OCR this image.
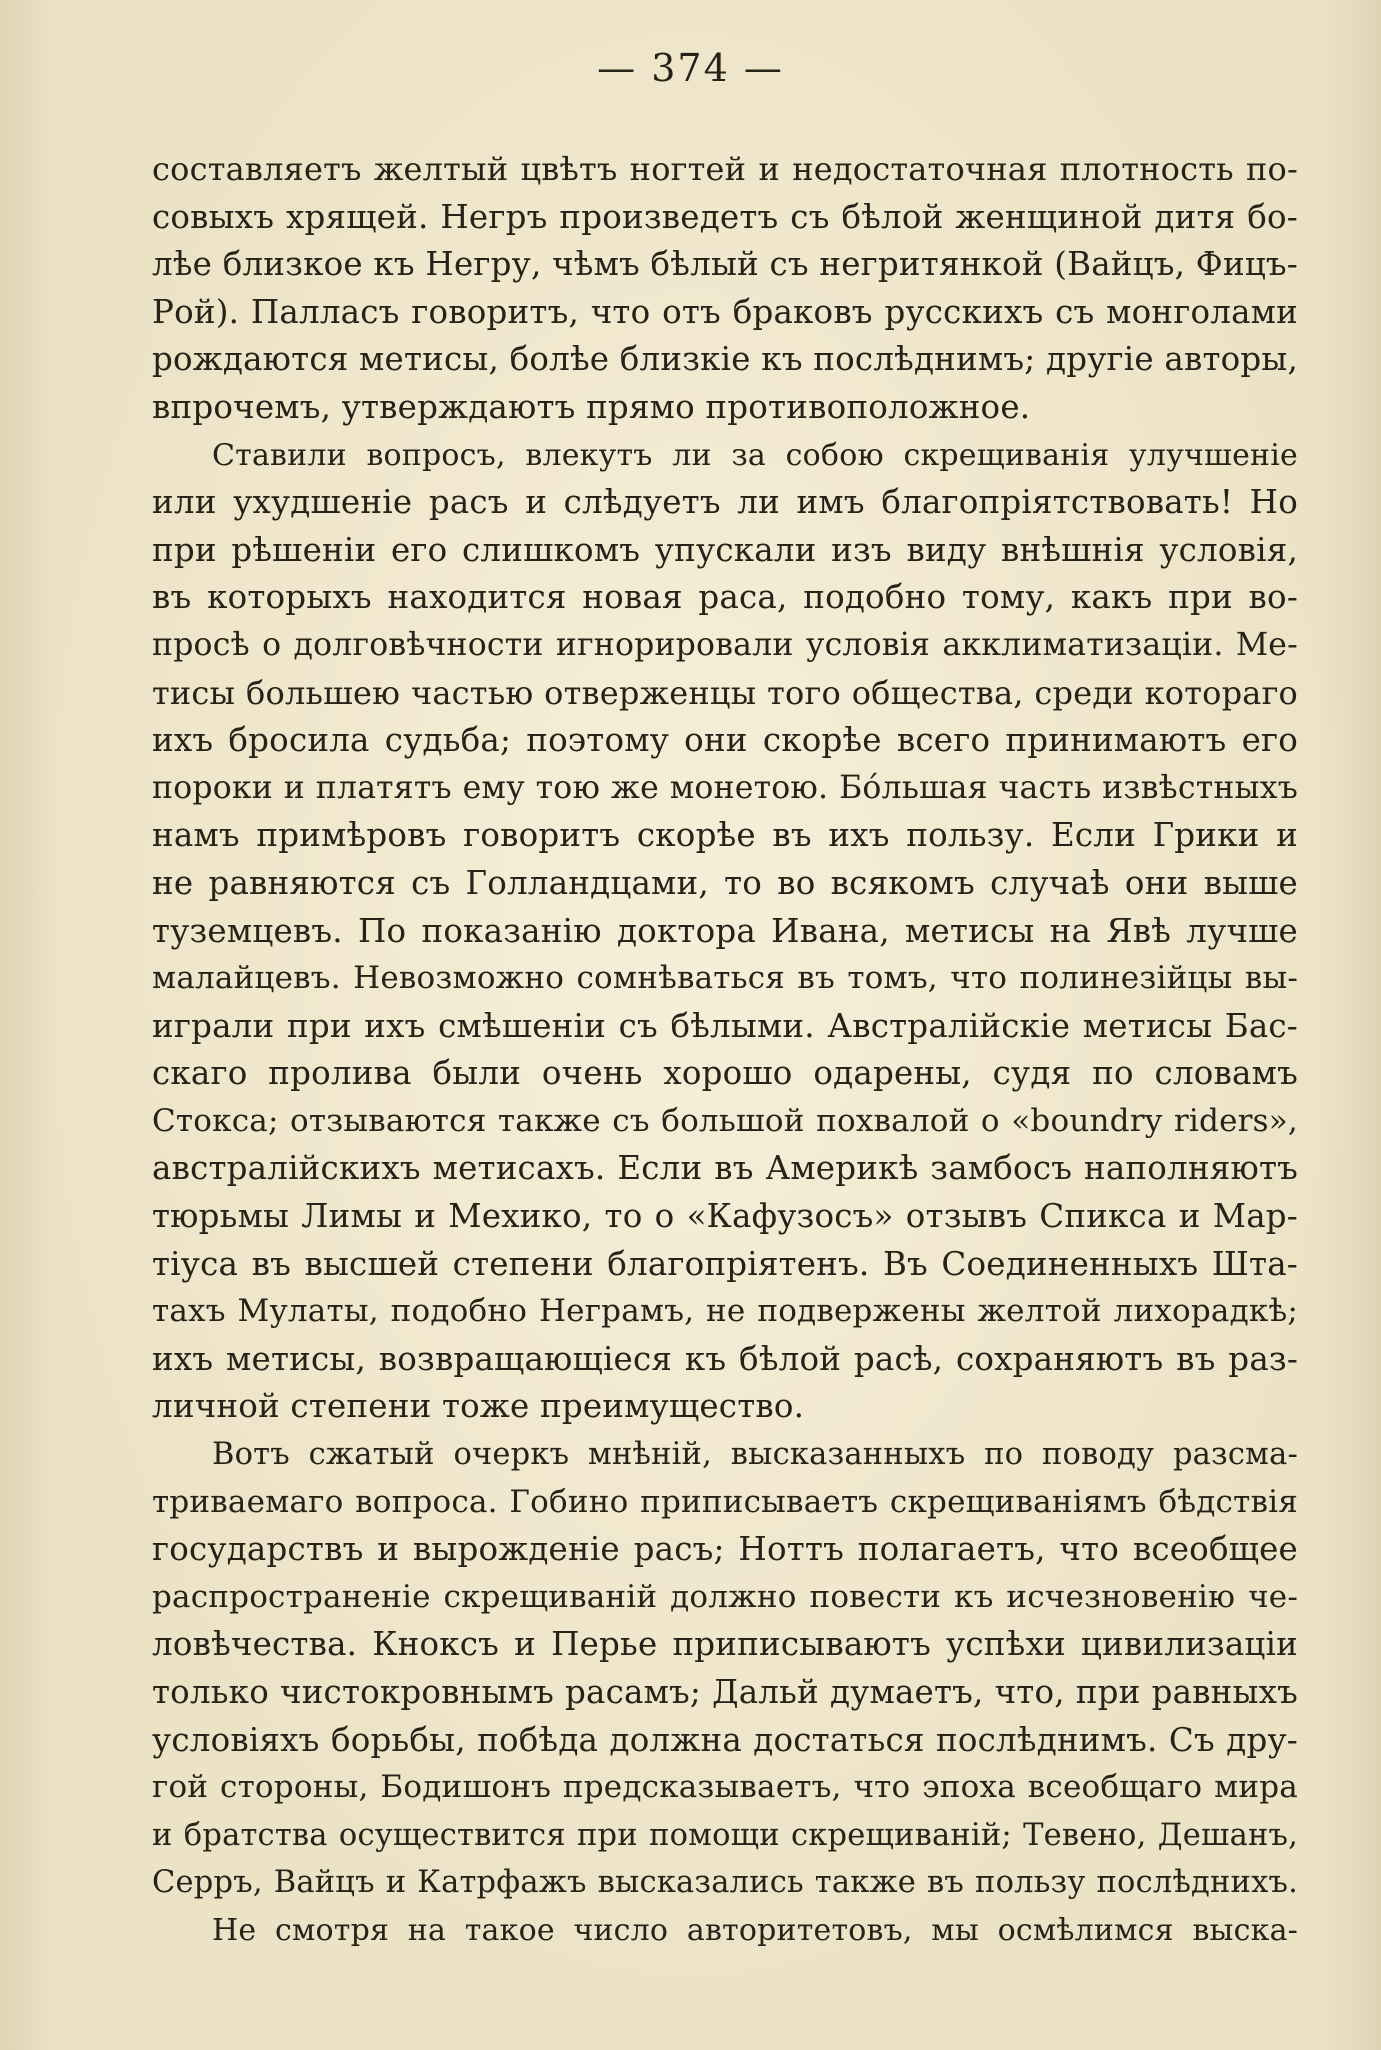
— 374 —
составляетъ желтый цвѣтъ ногтей и недостаточная плотность по-
совыхъ хрящей. Негръ произведетъ съ бѣлой женщиной дитя бо-
лѣе близкое къ Негру, чѣмъ бѣлый съ негритянкой (Вайцъ, Фицъ-
Рой). Палласъ говоритъ, что отъ браковъ русскихъ съ монголами
рождаются метисы, болѣе близкіе къ послѣднимъ; другіе авторы,
впрочемъ, утверждаютъ прямо противоположное.
Ставили вопросъ, влекутъ ли за собою скрещиванія улучшеніе
или ухудшеніе расъ и слѣдуетъ ли имъ благопріятствовать! Но
при рѣшеніи его слишкомъ упускали изъ виду внѣшнія условія,
въ которыхъ находится новая раса, подобно тому, какъ при во-
просѣ о долговѣчности игнорировали условія акклиматизаціи. Ме-
тисы большею частью отверженцы того общества, среди котораго
ихъ бросила судьба; поэтому они скорѣе всего принимаютъ его
пороки и платятъ ему тою же монетою. Бо́льшая часть извѣстныхъ
намъ примѣровъ говоритъ скорѣе въ ихъ пользу. Если Грики и
не равняются съ Голландцами, то во всякомъ случаѣ они выше
туземцевъ. По показанію доктора Ивана, метисы на Явѣ лучше
малайцевъ. Невозможно сомнѣваться въ томъ, что полинезійцы вы-
играли при ихъ смѣшеніи съ бѣлыми. Австралійскіе метисы Бас-
скаго пролива были очень хорошо одарены, судя по словамъ
Стокса; отзываются также съ большой похвалой о «boundry riders»,
австралійскихъ метисахъ. Если въ Америкѣ замбосъ наполняютъ
тюрьмы Лимы и Мехико, то о «Кафузосъ» отзывъ Спикса и Мар-
тіуса въ высшей степени благопріятенъ. Въ Соединенныхъ Шта-
тахъ Мулаты, подобно Неграмъ, не подвержены желтой лихорадкѣ;
ихъ метисы, возвращающіеся къ бѣлой расѣ, сохраняютъ въ раз-
личной степени тоже преимущество.
Вотъ сжатый очеркъ мнѣній, высказанныхъ по поводу разсма-
триваемаго вопроса. Гобино приписываетъ скрещиваніямъ бѣдствія
государствъ и вырожденіе расъ; Ноттъ полагаетъ, что всеобщее
распространеніе скрещиваній должно повести къ исчезновенію че-
ловѣчества. Кноксъ и Перье приписываютъ успѣхи цивилизаціи
только чистокровнымъ расамъ; Дальй думаетъ, что, при равныхъ
условіяхъ борьбы, побѣда должна достаться послѣднимъ. Съ дру-
гой стороны, Бодишонъ предсказываетъ, что эпоха всеобщаго мира
и братства осуществится при помощи скрещиваній; Тевено, Дешанъ,
Серръ, Вайцъ и Катрфажъ высказались также въ пользу послѣднихъ.
Не смотря на такое число авторитетовъ, мы осмѣлимся выска-
